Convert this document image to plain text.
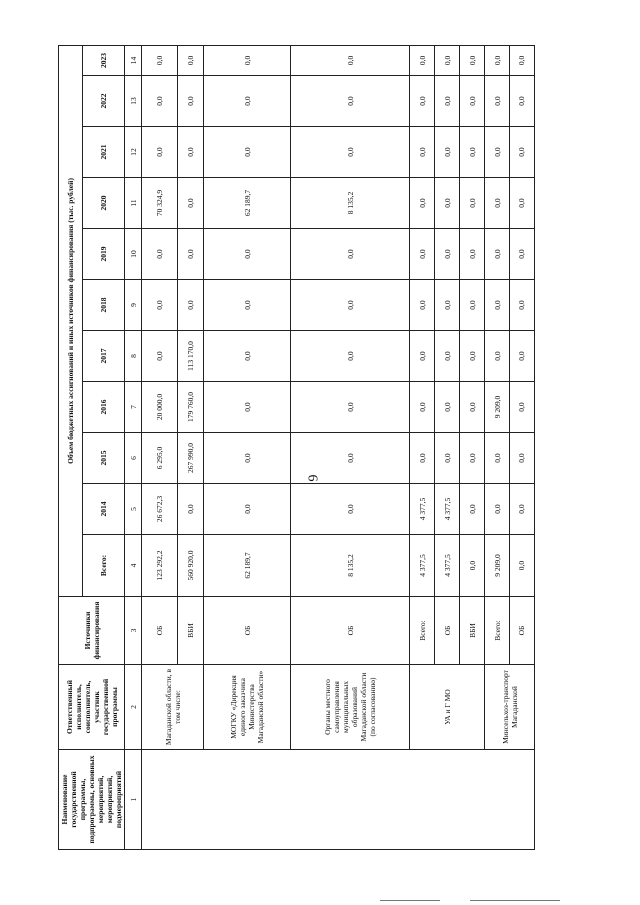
6
Наименование государственной программы, подпрограммы, основных мероприятий, мероприятий, подмероприятий	Ответственный исполнитель, соисполнитель, участник государственной программы	Источники финансирования	Объем бюджетных ассигнований и иных источников финансирования (тыс. рублей)										
			Всего:	2014	2015	2016	2017	2018	2019	2020	2021	2022	2023
1	2	3	4	5	6	7	8	9	10	11	12	13	14
	Магаданской области, в том числе:	ОБ	123 292,2	26 672,3	6 295,0	20 000,0	0,0	0,0	0,0	70 324,9	0,0	0,0	0,0
		ВБИ	560 920,0	0,0	267 990,0	179 760,0	113 170,0	0,0	0,0	0,0	0,0	0,0	0,0
	МОГКУ «Дирекция единого заказчика Министерства Магаданской области»	ОБ	62 189,7	0,0	0,0	0,0	0,0	0,0	0,0	62 189,7	0,0	0,0	0,0
	Органы местного самоуправления муниципальных образований Магаданской области (по согласованию)	ОБ	8 135,2	0,0	0,0	0,0	0,0	0,0	0,0	8 135,2	0,0	0,0	0,0
	УА и Г МО	Всего:	4 377,5	4 377,5	0,0	0,0	0,0	0,0	0,0	0,0	0,0	0,0	0,0
		ОБ	4 377,5	4 377,5	0,0	0,0	0,0	0,0	0,0	0,0	0,0	0,0	0,0
		ВБИ	0,0	0,0	0,0	0,0	0,0	0,0	0,0	0,0	0,0	0,0	0,0
	Минсельхоз-транспорт Магаданской	Всего:	9 209,0	0,0	0,0	9 209,0	0,0	0,0	0,0	0,0	0,0	0,0	0,0
		ОБ	0,0	0,0	0,0	0,0	0,0	0,0	0,0	0,0	0,0	0,0	0,0
